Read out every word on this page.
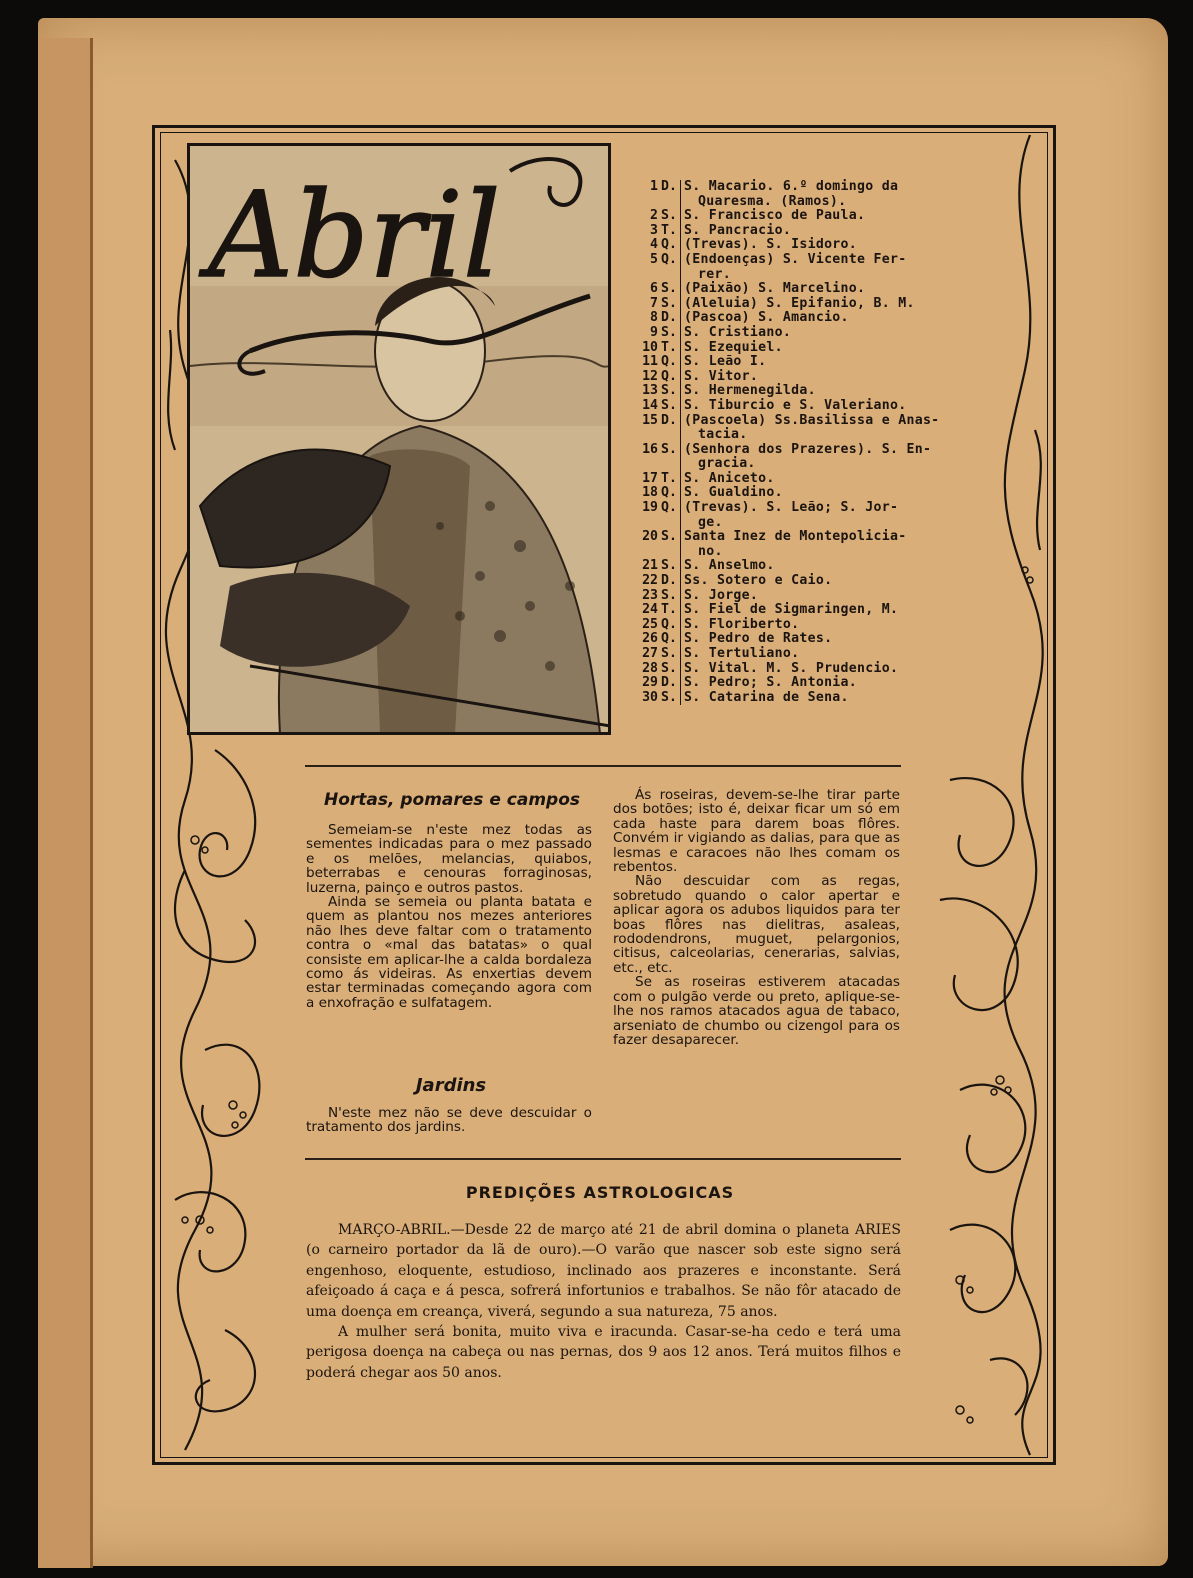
Abril	1 D. S. Macario. 6.º domingo da
Quaresma. (Ramos).
2 S. S. Francisco de Paula.
3 T. S. Pancracio.
4 Q. (Trevas). S. Isidoro.
5 Q. (Endoenças) S. Vicente Fer-
rer.
6 S. (Paixão) S. Marcelino.
7 S. (Aleluia) S. Epifanio, B. M.
8 D. (Pascoa) S. Amancio.
9 S. S. Cristiano.
10 T. S. Ezequiel.
11 Q. S. Leão I.
12 Q. S. Vitor.
13 S. S. Hermenegilda.
14 S. S. Tiburcio e S. Valeriano.
15 D. (Pascoela) Ss.Basilissa e Anas-
tacia.
16 S. (Senhora dos Prazeres). S. En-
gracia.
17 T. S. Aniceto.
18 Q. S. Gualdino.
19 Q. (Trevas). S. Leão; S. Jor-
ge.
20 S. Santa Inez de Montepolicia-
no.
21 S. S. Anselmo.
22 D. Ss. Sotero e Caio.
23 S. S. Jorge.
24 T. S. Fiel de Sigmaringen, M.
25 Q. S. Floriberto.
26 Q. S. Pedro de Rates.
27 S. S. Tertuliano.
28 S. S. Vital. M. S. Prudencio.
29 D. S. Pedro; S. Antonia.
30 S. S. Catarina de Sena.
Hortas, pomares e campos

Semeiam-se n'este mez todas as sementes indicadas para o mez passado e os melões, melancias, quiabos, beterrabas e cenouras forraginosas, luzerna, painço e outros pastos.

Ainda se semeia ou planta batata e quem as plantou nos mezes anteriores não lhes deve faltar com o tratamento contra o «mal das batatas» o qual consiste em aplicar-lhe a calda bordaleza como ás videiras. As enxertias devem estar terminadas começando agora com a enxofração e sulfatagem.

Jardins

N'este mez não se deve descuidar o tratamento dos jardins.

Ás roseiras, devem-se-lhe tirar parte dos botões; isto é, deixar ficar um só em cada haste para darem boas flôres. Convém ir vigiando as dalias, para que as lesmas e caracoes não lhes comam os rebentos.

Não descuidar com as regas, sobretudo quando o calor apertar e aplicar agora os adubos liquidos para ter boas flôres nas dielitras, asaleas, rododendrons, muguet, pelargonios, citisus, calceolarias, cenerarias, salvias, etc., etc.

Se as roseiras estiverem atacadas com o pulgão verde ou preto, aplique-se-lhe nos ramos atacados agua de tabaco, arseniato de chumbo ou cizengol para os fazer desaparecer.

PREDIÇÕES ASTROLOGICAS

MARÇO-ABRIL.—Desde 22 de março até 21 de abril domina o planeta ARIES (o carneiro portador da lã de ouro).—O varão que nascer sob este signo será engenhoso, eloquente, estudioso, inclinado aos prazeres e inconstante. Será afeiçoado á caça e á pesca, sofrerá infortunios e trabalhos. Se não fôr atacado de uma doença em creança, viverá, segundo a sua natureza, 75 anos.

A mulher será bonita, muito viva e iracunda. Casar-se-ha cedo e terá uma perigosa doença na cabeça ou nas pernas, dos 9 aos 12 anos. Terá muitos filhos e poderá chegar aos 50 anos.
